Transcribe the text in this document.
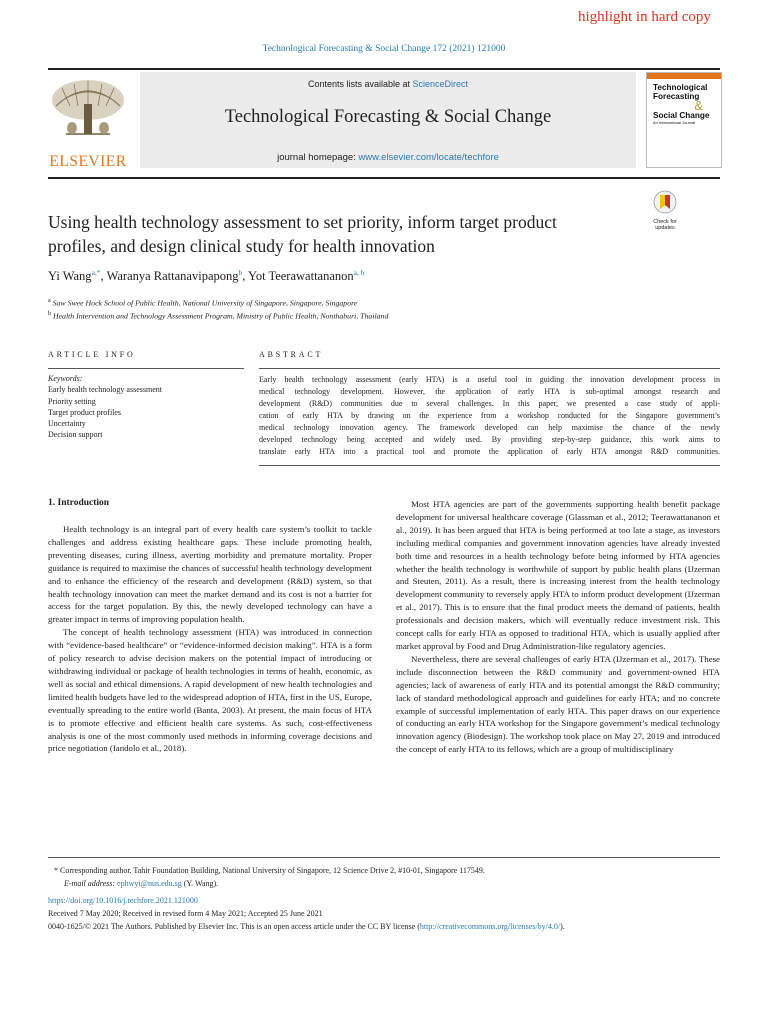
highlight in hard copy
Technological Forecasting & Social Change 172 (2021) 121000
ELSEVIER
Contents lists available at ScienceDirect
Technological Forecasting & Social Change
journal homepage: www.elsevier.com/locate/techfore
Technological
Forecasting
&
Social Change
An International Journal
Check for
updates
Using health technology assessment to set priority, inform target product
profiles, and design clinical study for health innovation
Yi Wang$^{a,*}$, Waranya Rattanavipapong$^b$, Yot Teerawattananon$^{a, b}$
$^a$ Saw Swee Hock School of Public Health, National University of Singapore, Singapore, Singapore
$^b$ Health Intervention and Technology Assessment Program, Ministry of Public Health, Nonthaburi, Thailand
ARTICLE INFO	ABSTRACT
Keywords:
Early health technology assessment
Priority setting
Target product profiles
Uncertainty
Decision support
Early health technology assessment (early HTA) is a useful tool in guiding the innovation development process in
medical technology development. However, the application of early HTA is sub-optimal amongst research and
development (R&D) communities due to several challenges. In this paper, we presented a case study of appli-
cation of early HTA by drawing on the experience from a workshop conducted for the Singapore government’s
medical technology innovation agency. The framework developed can help maximise the chance of the newly
developed technology being accepted and widely used. By providing step-by-step guidance, this work aims to
translate early HTA into a practical tool and promote the application of early HTA amongst R&D communities.
1. Introduction

Health technology is an integral part of every health care system’s toolkit to tackle challenges and address existing healthcare gaps. These include promoting health, preventing diseases, curing illness, averting morbidity and premature mortality. Proper guidance is required to maximise the chances of successful health technology development and to enhance the efficiency of the research and development (R&D) system, so that health technology innovation can meet the market demand and its cost is not a barrier for access for the target population. By this, the newly developed technology can have a greater impact in terms of improving population health.

The concept of health technology assessment (HTA) was introduced in connection with “evidence-based healthcare” or “evidence-informed decision making”. HTA is a form of policy research to advise decision makers on the potential impact of introducing or withdrawing individual or package of health technologies in terms of health, economic, as well as social and ethical dimensions. A rapid development of new health technologies and limited health budgets have led to the widespread adoption of HTA, first in the US, Europe, eventually spreading to the entire world (Banta, 2003). At present, the main focus of HTA is to promote effective and efficient health care systems. As such, cost-effectiveness analysis is one of the most commonly used methods in informing coverage decisions and price negotiation (Iandolo et al., 2018).

Most HTA agencies are part of the governments supporting health benefit package development for universal healthcare coverage (Glassman et al., 2012; Teerawattananon et al., 2019). It has been argued that HTA is being performed at too late a stage, as investors including medical companies and government innovation agencies have already invested both time and resources in a health technology before being informed by HTA agencies whether the health technology is worthwhile of support by public health plans (IJzerman and Steuten, 2011). As a result, there is increasing interest from the health technology development community to reversely apply HTA to inform product development (IJzerman et al., 2017). This is to ensure that the final product meets the demand of patients, health professionals and decision makers, which will eventually reduce investment risk. This concept calls for early HTA as opposed to traditional HTA, which is usually applied after market approval by Food and Drug Administration-like regulatory agencies.

Nevertheless, there are several challenges of early HTA (IJzerman et al., 2017). These include disconnection between the R&D community and government-owned HTA agencies; lack of awareness of early HTA and its potential amongst the R&D community; lack of standard methodological approach and guidelines for early HTA; and no concrete example of successful implementation of early HTA. This paper draws on our experience of conducting an early HTA workshop for the Singapore government’s medical technology innovation agency (Biodesign). The workshop took place on May 27, 2019 and introduced the concept of early HTA to its fellows, which are a group of multidisciplinary

* Corresponding author. Tahir Foundation Building, National University of Singapore, 12 Science Drive 2, #10-01, Singapore 117549.
E-mail address: ephwyi@nus.edu.sg (Y. Wang).
https://doi.org/10.1016/j.techfore.2021.121000
Received 7 May 2020; Received in revised form 4 May 2021; Accepted 25 June 2021
0040-1625/© 2021 The Authors. Published by Elsevier Inc. This is an open access article under the CC BY license (http://creativecommons.org/licenses/by/4.0/).
